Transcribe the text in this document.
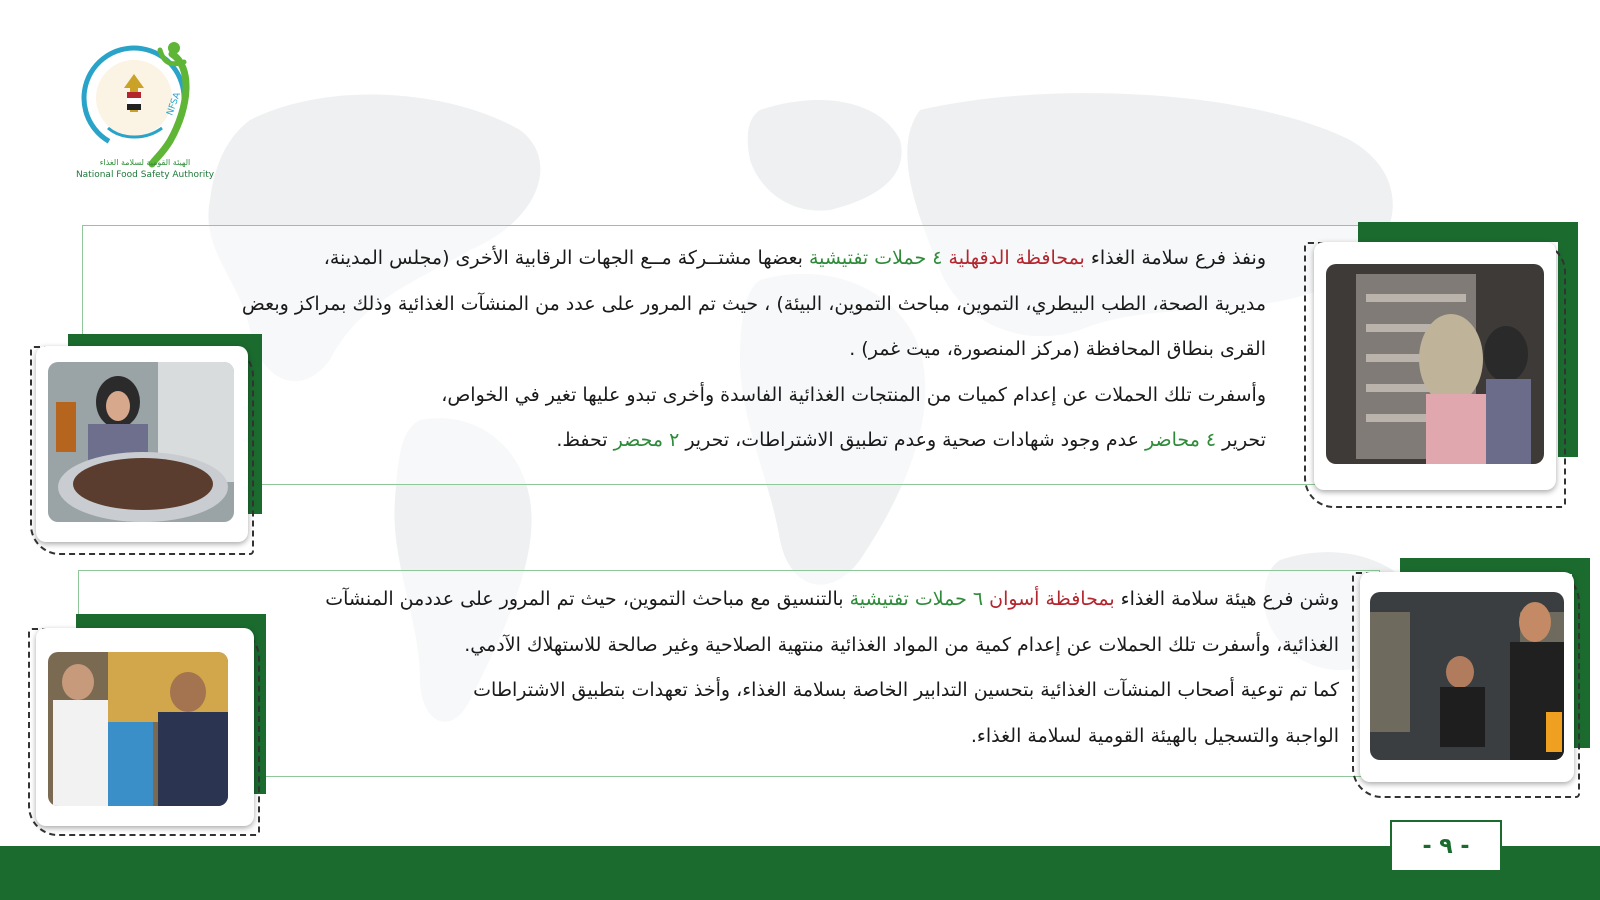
NFSA
الهيئة القومية لسلامة الغذاء
National Food Safety Authority

ونفذ فرع سلامة الغذاء بمحافظة الدقهلية ٤ حملات تفتيشية بعضها مشتــركة مــع الجهات الرقابية الأخرى (مجلس المدينة،

مديرية الصحة، الطب البيطري، التموين، مباحث التموين، البيئة) ، حيث تم المرور على عدد من المنشآت الغذائية وذلك بمراكز وبعض

القرى بنطاق المحافظة (مركز المنصورة، ميت غمر) .

وأسفرت تلك الحملات عن إعدام كميات من المنتجات الغذائية الفاسدة وأخرى تبدو عليها تغير في الخواص،

تحرير ٤ محاضر عدم وجود شهادات صحية وعدم تطبيق الاشتراطات، تحرير ٢ محضر تحفظ.

وشن فرع هيئة سلامة الغذاء بمحافظة أسوان ٦ حملات تفتيشية بالتنسيق مع مباحث التموين، حيث تم المرور على عددمن المنشآت

الغذائية، وأسفرت تلك الحملات عن إعدام كمية من المواد الغذائية منتهية الصلاحية وغير صالحة للاستهلاك الآدمي.

كما تم توعية أصحاب المنشآت الغذائية بتحسين التدابير الخاصة بسلامة الغذاء، وأخذ تعهدات بتطبيق الاشتراطات

الواجبة والتسجيل بالهيئة القومية لسلامة الغذاء.

- ٩ -
